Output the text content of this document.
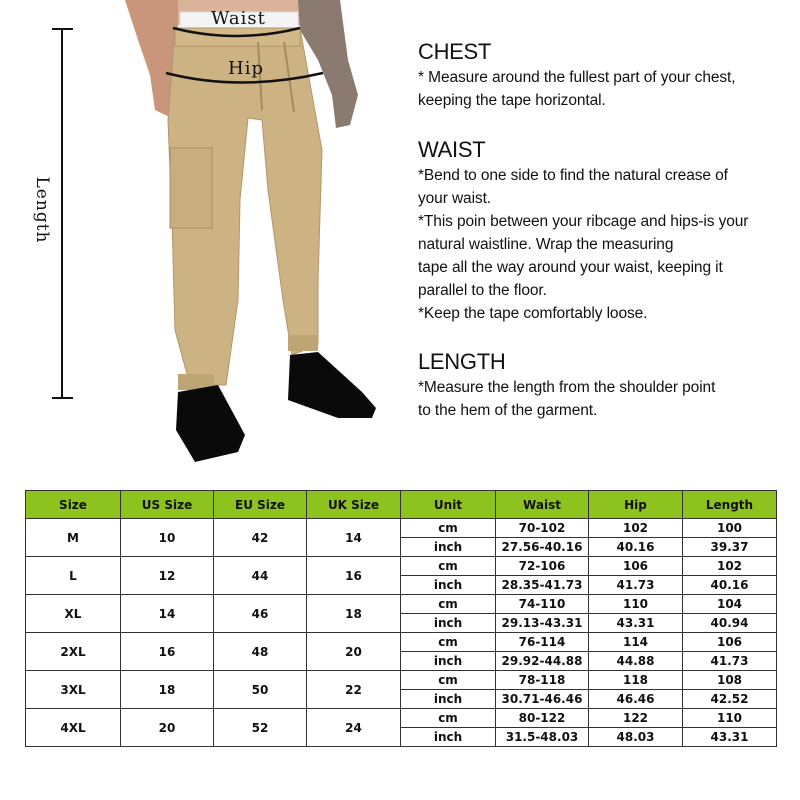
Waist
Hip
Length
CHEST
* Measure around the fullest part of your chest,
keeping the tape horizontal.
WAIST
*Bend to one side to find the natural crease of
your waist.
*This poin between your ribcage and hips-is your
natural waistline. Wrap the measuring
tape all the way around your waist, keeping it
parallel to the floor.
*Keep the tape comfortably loose.
LENGTH
*Measure the length from the shoulder point
to the hem of the garment.
Size	US Size	EU Size	UK Size	Unit	Waist	Hip	Length
M	10	42	14	cm	70-102	102	100
				inch	27.56-40.16	40.16	39.37
L	12	44	16	cm	72-106	106	102
				inch	28.35-41.73	41.73	40.16
XL	14	46	18	cm	74-110	110	104
				inch	29.13-43.31	43.31	40.94
2XL	16	48	20	cm	76-114	114	106
				inch	29.92-44.88	44.88	41.73
3XL	18	50	22	cm	78-118	118	108
				inch	30.71-46.46	46.46	42.52
4XL	20	52	24	cm	80-122	122	110
				inch	31.5-48.03	48.03	43.31
